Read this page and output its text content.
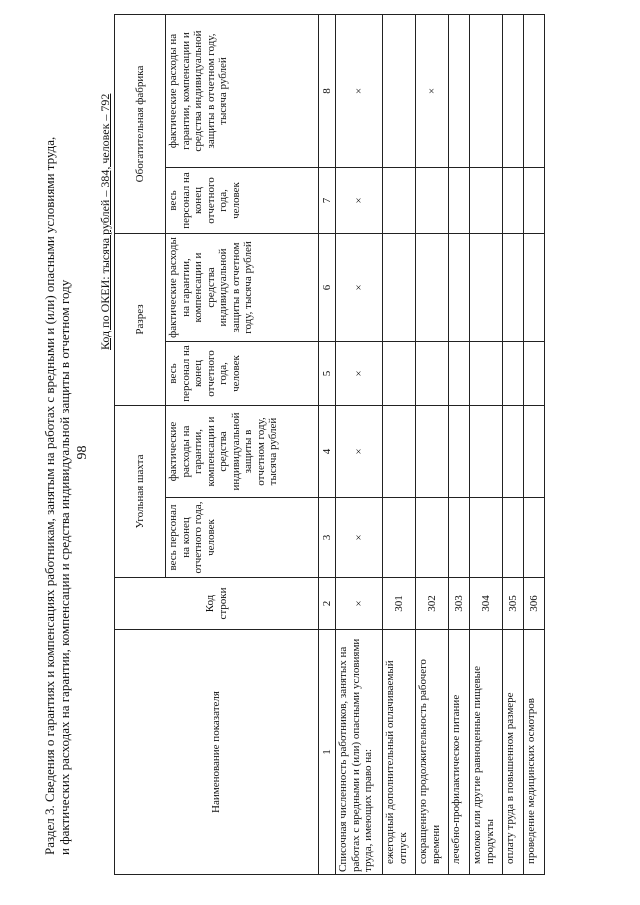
98
Раздел 3. Сведения о гарантиях и компенсациях работникам, занятым на работах с вредными и (или) опасными условиями труда, и фактических расходах на гарантии, компенсации и средства индивидуальной защиты в отчетном году
Код по ОКЕИ: тысяча рублей – 384, человек – 792
Наименование показателя	Код строки	Угольная шахта		Разрез		Обогатительная фабрика	
		весь персонал на конец отчетного года, человек	фактические расходы на гарантии, компенсации и средства индивидуальной защиты в отчетном году, тысяча рублей	весь персонал на конец отчетного года, человек	фактические расходы на гарантии, компенсации и средства индивидуальной защиты в отчетном году, тысяча рублей	весь персонал на конец отчетного года, человек	фактические расходы на гарантии, компенсации и средства индивидуальной защиты в отчетном году, тысяча рублей
1	2	3	4	5	6	7	8
Списочная численность работников, занятых на работах с вредными и (или) опасными условиями труда, имеющих право на:	×	×	×	×	×	×	×
ежегодный дополнительный оплачиваемый отпуск	301						
сокращенную продолжительность рабочего времени	302						×
лечебно-профилактическое питание	303						
молоко или другие равноценные пищевые продукты	304						
оплату труда в повышенном размере	305						
проведение медицинских осмотров	306						
